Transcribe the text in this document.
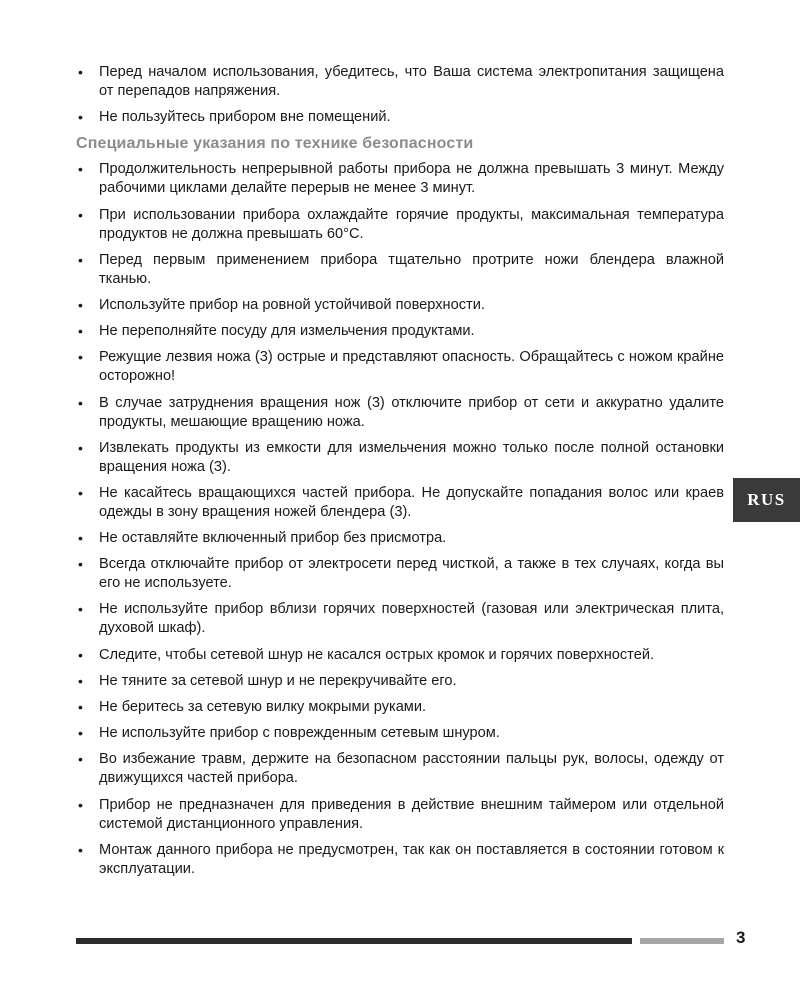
• Перед началом использования, убедитесь, что Ваша система электропитания защищена от перепадов напряжения.
• Не пользуйтесь прибором вне помещений.
Специальные указания по технике безопасности
• Продолжительность непрерывной работы прибора не должна превышать 3 минут. Между рабочими циклами делайте перерыв не менее 3 минут.
• При использовании прибора охлаждайте горячие продукты, максимальная температура продуктов не должна превышать 60°С.
• Перед первым применением прибора тщательно протрите ножи блендера влажной тканью.
• Используйте прибор на ровной устойчивой поверхности.
• Не переполняйте посуду для измельчения продуктами.
• Режущие лезвия ножа (3) острые и представляют опасность. Обращайтесь с ножом крайне осторожно!
• В случае затруднения вращения нож (3) отключите прибор от сети и аккуратно удалите продукты, мешающие вращению ножа.
• Извлекать продукты из емкости для измельчения можно только после полной остановки вращения ножа (3).
• Не касайтесь вращающихся частей прибора. Не допускайте попадания волос или краев одежды в зону вращения ножей блендера (3).
• Не оставляйте включенный прибор без присмотра.
• Всегда отключайте прибор от электросети перед чисткой, а также в тех случаях, когда вы его не используете.
• Не используйте прибор вблизи горячих поверхностей (газовая или электрическая плита, духовой шкаф).
• Следите, чтобы сетевой шнур не касался острых кромок и горячих поверхностей.
• Не тяните за сетевой шнур и не перекручивайте его.
• Не беритесь за сетевую вилку мокрыми руками.
• Не используйте прибор с поврежденным сетевым шнуром.
• Во избежание травм, держите на безопасном расстоянии пальцы рук, волосы, одежду от движущихся частей прибора.
• Прибор не предназначен для приведения в действие внешним таймером или отдельной системой дистанционного управления.
• Монтаж данного прибора не предусмотрен, так как он поставляется в состоянии готовом к эксплуатации.
RUS
3
